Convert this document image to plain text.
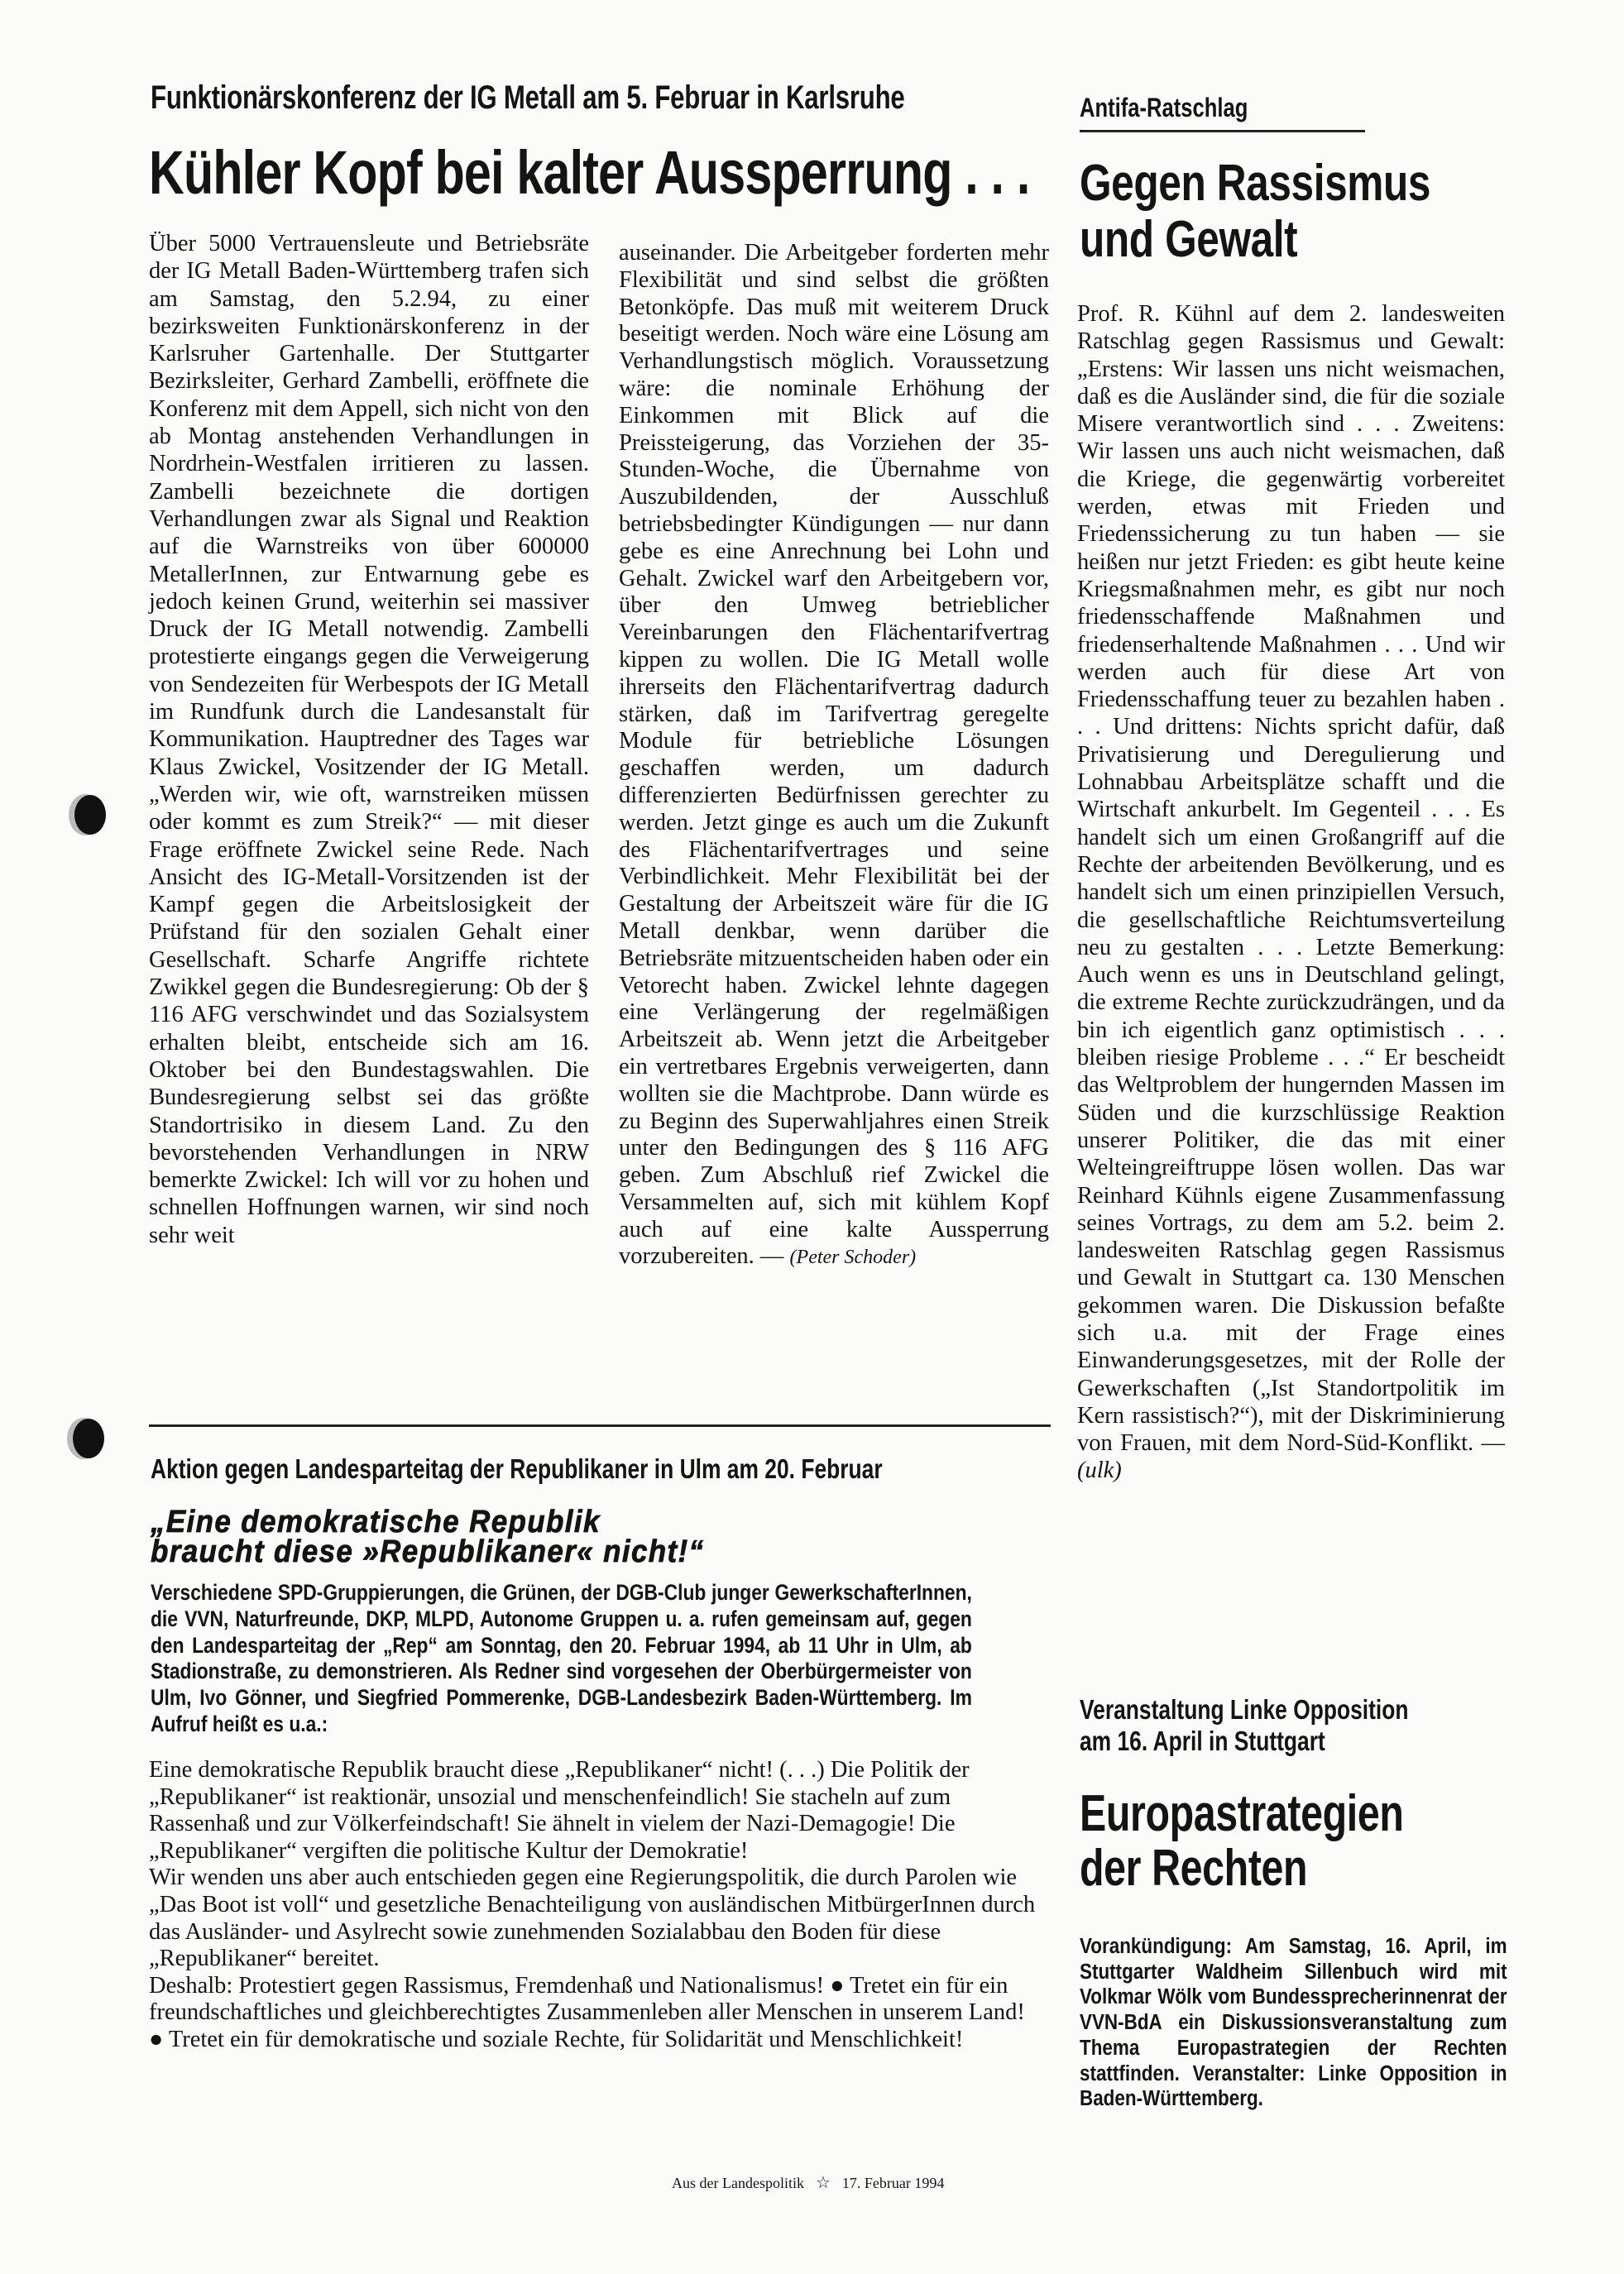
Funktionärskonferenz der IG Metall am 5. Februar in Karlsruhe
Kühler Kopf bei kalter Aussperrung . . .

Über 5000 Vertrauensleute und Betriebsräte der IG Metall Baden-Württemberg trafen sich am Samstag, den 5.2.94, zu einer bezirksweiten Funktionärskonferenz in der Karlsruher Gartenhalle. Der Stuttgarter Bezirksleiter, Gerhard Zambelli, eröffnete die Konferenz mit dem Appell, sich nicht von den ab Montag anstehenden Verhandlungen in Nordrhein-Westfalen irritieren zu lassen. Zambelli bezeichnete die dortigen Verhandlungen zwar als Signal und Reaktion auf die Warnstreiks von über 600000 MetallerInnen, zur Entwarnung gebe es jedoch keinen Grund, weiterhin sei massiver Druck der IG Metall notwendig. Zambelli protestierte eingangs gegen die Verweigerung von Sendezeiten für Werbespots der IG Metall im Rundfunk durch die Landesanstalt für Kommunikation. Hauptredner des Tages war Klaus Zwickel, Vositzender der IG Metall. „Werden wir, wie oft, warnstreiken müssen oder kommt es zum Streik?“ — mit dieser Frage eröffnete Zwickel seine Rede. Nach Ansicht des IG-Metall-Vorsitzenden ist der Kampf gegen die Arbeitslosigkeit der Prüfstand für den sozialen Gehalt einer Gesellschaft. Scharfe Angriffe richtete Zwikkel gegen die Bundesregierung: Ob der § 116 AFG verschwindet und das Sozialsystem erhalten bleibt, entscheide sich am 16. Oktober bei den Bundestagswahlen. Die Bundesregierung selbst sei das größte Standortrisiko in diesem Land. Zu den bevorstehenden Verhandlungen in NRW bemerkte Zwickel: Ich will vor zu hohen und schnellen Hoffnungen warnen, wir sind noch sehr weit

auseinander. Die Arbeitgeber forderten mehr Flexibilität und sind selbst die größten Betonköpfe. Das muß mit weiterem Druck beseitigt werden. Noch wäre eine Lösung am Verhandlungstisch möglich. Voraussetzung wäre: die nominale Erhöhung der Einkommen mit Blick auf die Preissteigerung, das Vorziehen der 35-Stunden-Woche, die Übernahme von Auszubildenden, der Ausschluß betriebsbedingter Kündigungen — nur dann gebe es eine Anrechnung bei Lohn und Gehalt. Zwickel warf den Arbeitgebern vor, über den Umweg betrieblicher Vereinbarungen den Flächentarifvertrag kippen zu wollen. Die IG Metall wolle ihrerseits den Flächentarifvertrag dadurch stärken, daß im Tarifvertrag geregelte Module für betriebliche Lösungen geschaffen werden, um dadurch differenzierten Bedürfnissen gerechter zu werden. Jetzt ginge es auch um die Zukunft des Flächentarifvertrages und seine Verbindlichkeit. Mehr Flexibilität bei der Gestaltung der Arbeitszeit wäre für die IG Metall denkbar, wenn darüber die Betriebsräte mitzuentscheiden haben oder ein Vetorecht haben. Zwickel lehnte dagegen eine Verlängerung der regelmäßigen Arbeitszeit ab. Wenn jetzt die Arbeitgeber ein vertretbares Ergebnis verweigerten, dann wollten sie die Machtprobe. Dann würde es zu Beginn des Superwahljahres einen Streik unter den Bedingungen des § 116 AFG geben. Zum Abschluß rief Zwickel die Versammelten auf, sich mit kühlem Kopf auch auf eine kalte Aussperrung vorzubereiten. — (Peter Schoder)

Aktion gegen Landesparteitag der Republikaner in Ulm am 20. Februar
„Eine demokratische Republik
braucht diese »Republikaner« nicht!“
Verschiedene SPD-Gruppierungen, die Grünen, der DGB-Club junger GewerkschafterInnen, die VVN, Naturfreunde, DKP, MLPD, Autonome Gruppen u. a. rufen gemeinsam auf, gegen den Landesparteitag der „Rep“ am Sonntag, den 20. Februar 1994, ab 11 Uhr in Ulm, ab Stadionstraße, zu demonstrieren. Als Redner sind vorgesehen der Oberbürgermeister von Ulm, Ivo Gönner, und Siegfried Pommerenke, DGB-Landesbezirk Baden-Württemberg. Im Aufruf heißt es u.a.:

Eine demokratische Republik braucht diese „Republikaner“ nicht! (. . .) Die Politik der „Republikaner“ ist reaktionär, unsozial und menschenfeindlich! Sie stacheln auf zum Rassenhaß und zur Völkerfeindschaft! Sie ähnelt in vielem der Nazi-Demagogie! Die „Republikaner“ vergiften die politische Kultur der Demokratie!

Wir wenden uns aber auch entschieden gegen eine Regierungspolitik, die durch Parolen wie „Das Boot ist voll“ und gesetzliche Benachteiligung von ausländischen MitbürgerInnen durch das Ausländer- und Asylrecht sowie zunehmenden Sozialabbau den Boden für diese „Republikaner“ bereitet.

Deshalb: Protestiert gegen Rassismus, Fremdenhaß und Nationalismus! ● Tretet ein für ein freundschaftliches und gleichberechtigtes Zusammenleben aller Menschen in unserem Land! ● Tretet ein für demokratische und soziale Rechte, für Solidarität und Menschlichkeit!

Antifa-Ratschlag
Gegen Rassismus
und Gewalt

Prof. R. Kühnl auf dem 2. landesweiten Ratschlag gegen Rassismus und Gewalt: „Erstens: Wir lassen uns nicht weismachen, daß es die Ausländer sind, die für die soziale Misere verantwortlich sind . . . Zweitens: Wir lassen uns auch nicht weismachen, daß die Kriege, die gegenwärtig vorbereitet werden, etwas mit Frieden und Friedenssicherung zu tun haben — sie heißen nur jetzt Frieden: es gibt heute keine Kriegsmaßnahmen mehr, es gibt nur noch friedensschaffende Maßnahmen und friedenserhaltende Maßnahmen . . . Und wir werden auch für diese Art von Friedensschaffung teuer zu bezahlen haben . . . Und drittens: Nichts spricht dafür, daß Privatisierung und Deregulierung und Lohnabbau Arbeitsplätze schafft und die Wirtschaft ankurbelt. Im Gegenteil . . . Es handelt sich um einen Großangriff auf die Rechte der arbeitenden Bevölkerung, und es handelt sich um einen prinzipiellen Versuch, die gesellschaftliche Reichtumsverteilung neu zu gestalten . . . Letzte Bemerkung: Auch wenn es uns in Deutschland gelingt, die extreme Rechte zurückzudrängen, und da bin ich eigentlich ganz optimistisch . . . bleiben riesige Probleme . . .“ Er bescheidt das Weltproblem der hungernden Massen im Süden und die kurzschlüssige Reaktion unserer Politiker, die das mit einer Welteingreiftruppe lösen wollen. Das war Reinhard Kühnls eigene Zusammenfassung seines Vortrags, zu dem am 5.2. beim 2. landesweiten Ratschlag gegen Rassismus und Gewalt in Stuttgart ca. 130 Menschen gekommen waren. Die Diskussion befaßte sich u.a. mit der Frage eines Einwanderungsgesetzes, mit der Rolle der Gewerkschaften („Ist Standortpolitik im Kern rassistisch?“), mit der Diskriminierung von Frauen, mit dem Nord-Süd-Konflikt. — (ulk)

Veranstaltung Linke Opposition
am 16. April in Stuttgart
Europastrategien
der Rechten
Vorankündigung: Am Samstag, 16. April, im Stuttgarter Waldheim Sillenbuch wird mit Volkmar Wölk vom Bundessprecherinnenrat der VVN-BdA ein Diskussionsveranstaltung zum Thema Europastrategien der Rechten stattfinden. Veranstalter: Linke Opposition in Baden-Württemberg.
Aus der Landespolitik ☆ 17. Februar 1994
